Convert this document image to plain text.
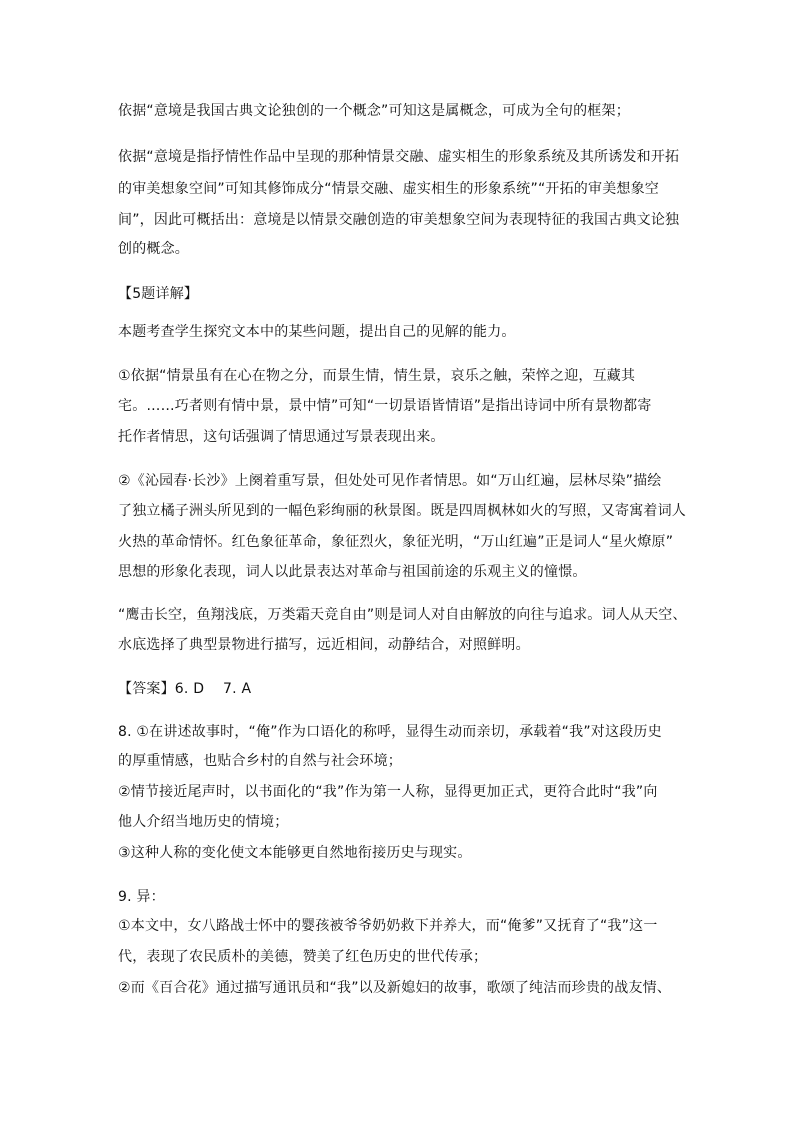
依据“意境是我国古典文论独创的一个概念”可知这是属概念，可成为全句的框架；
依据“意境是指抒情性作品中呈现的那种情景交融、虚实相生的形象系统及其所诱发和开拓
的审美想象空间”可知其修饰成分“情景交融、虚实相生的形象系统”“开拓的审美想象空
间”，因此可概括出：意境是以情景交融创造的审美想象空间为表现特征的我国古典文论独
创的概念。
【5题详解】
本题考查学生探究文本中的某些问题，提出自己的见解的能力。
①依据“情景虽有在心在物之分，而景生情，情生景，哀乐之触，荣悴之迎，互藏其
宅。……巧者则有情中景，景中情”可知“一切景语皆情语”是指出诗词中所有景物都寄
托作者情思，这句话强调了情思通过写景表现出来。
②《沁园春·长沙》上阕着重写景，但处处可见作者情思。如“万山红遍，层林尽染”描绘
了独立橘子洲头所见到的一幅色彩绚丽的秋景图。既是四周枫林如火的写照，又寄寓着词人
火热的革命情怀。红色象征革命，象征烈火，象征光明，“万山红遍”正是词人“星火燎原”
思想的形象化表现，词人以此景表达对革命与祖国前途的乐观主义的憧憬。
“鹰击长空，鱼翔浅底，万类霜天竞自由”则是词人对自由解放的向往与追求。词人从天空、
水底选择了典型景物进行描写，远近相间，动静结合，对照鲜明。
【答案】6. D　 7. A
8. ①在讲述故事时，“俺”作为口语化的称呼，显得生动而亲切，承载着“我”对这段历史
的厚重情感，也贴合乡村的自然与社会环境；
②情节接近尾声时，以书面化的“我”作为第一人称，显得更加正式，更符合此时“我”向
他人介绍当地历史的情境；
③这种人称的变化使文本能够更自然地衔接历史与现实。
9. 异：
①本文中，女八路战士怀中的婴孩被爷爷奶奶救下并养大，而“俺爹”又抚育了“我”这一
代，表现了农民质朴的美德，赞美了红色历史的世代传承；
②而《百合花》通过描写通讯员和“我”以及新媳妇的故事，歌颂了纯洁而珍贵的战友情、
